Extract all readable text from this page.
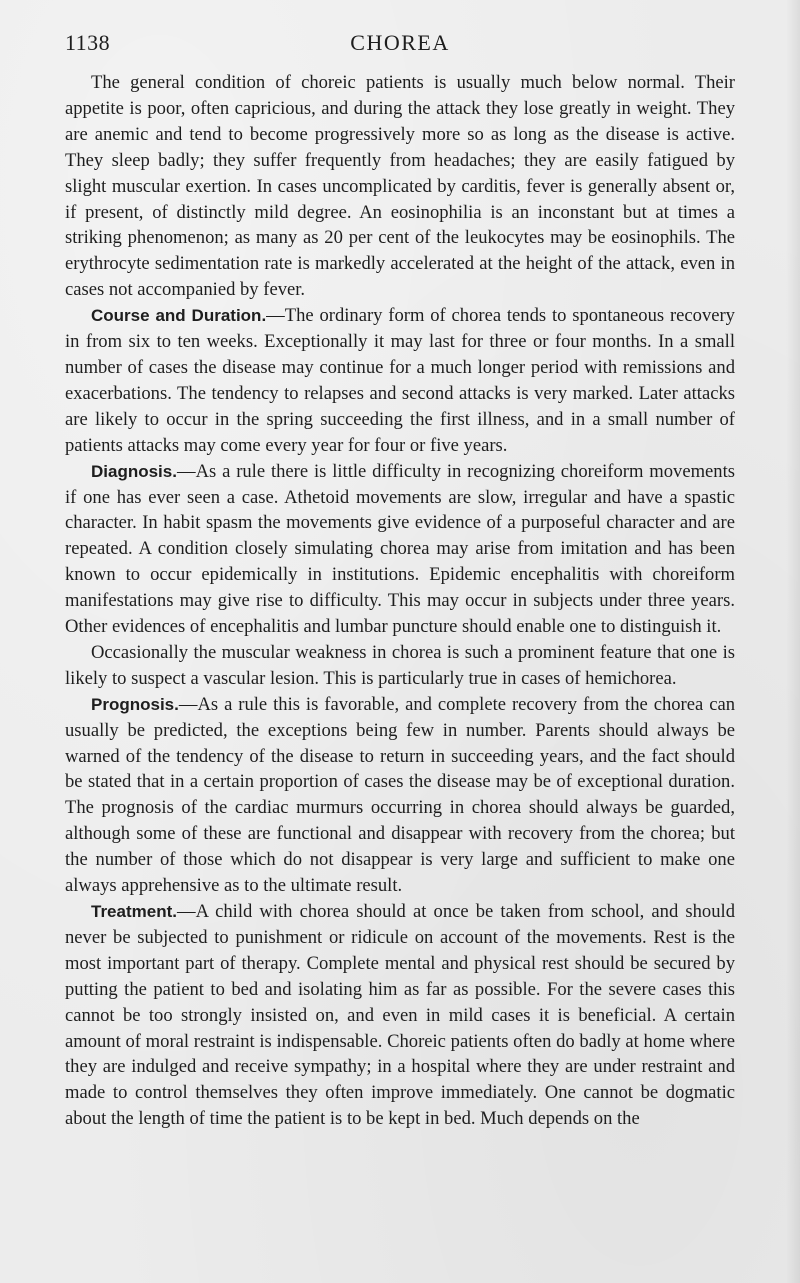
1138	CHOREA

The general condition of choreic patients is usually much below normal. Their appetite is poor, often capricious, and during the attack they lose greatly in weight. They are anemic and tend to become progressively more so as long as the disease is active. They sleep badly; they suffer frequently from headaches; they are easily fatigued by slight muscular exertion. In cases uncomplicated by carditis, fever is generally absent or, if present, of distinctly mild degree. An eosinophilia is an inconstant but at times a striking phenomenon; as many as 20 per cent of the leukocytes may be eosinophils. The erythrocyte sedimentation rate is markedly accelerated at the height of the attack, even in cases not accompanied by fever.

Course and Duration.—The ordinary form of chorea tends to spontaneous recovery in from six to ten weeks. Exceptionally it may last for three or four months. In a small number of cases the disease may continue for a much longer period with remissions and exacerbations. The tendency to relapses and second attacks is very marked. Later attacks are likely to occur in the spring succeeding the first illness, and in a small number of patients attacks may come every year for four or five years.

Diagnosis.—As a rule there is little difficulty in recognizing choreiform movements if one has ever seen a case. Athetoid movements are slow, irregular and have a spastic character. In habit spasm the movements give evidence of a purposeful character and are repeated. A condition closely simulating chorea may arise from imitation and has been known to occur epidemically in institutions. Epidemic encephalitis with choreiform manifestations may give rise to difficulty. This may occur in subjects under three years. Other evidences of encephalitis and lumbar puncture should enable one to distinguish it.

Occasionally the muscular weakness in chorea is such a prominent feature that one is likely to suspect a vascular lesion. This is particularly true in cases of hemichorea.

Prognosis.—As a rule this is favorable, and complete recovery from the chorea can usually be predicted, the exceptions being few in number. Parents should always be warned of the tendency of the disease to return in succeeding years, and the fact should be stated that in a certain proportion of cases the disease may be of exceptional duration. The prognosis of the cardiac murmurs occurring in chorea should always be guarded, although some of these are functional and disappear with recovery from the chorea; but the number of those which do not disappear is very large and sufficient to make one always apprehensive as to the ultimate result.

Treatment.—A child with chorea should at once be taken from school, and should never be subjected to punishment or ridicule on account of the movements. Rest is the most important part of therapy. Complete mental and physical rest should be secured by putting the patient to bed and isolating him as far as possible. For the severe cases this cannot be too strongly insisted on, and even in mild cases it is beneficial. A certain amount of moral restraint is indispensable. Choreic patients often do badly at home where they are indulged and receive sympathy; in a hospital where they are under restraint and made to control themselves they often improve immediately. One cannot be dogmatic about the length of time the patient is to be kept in bed. Much depends on the
